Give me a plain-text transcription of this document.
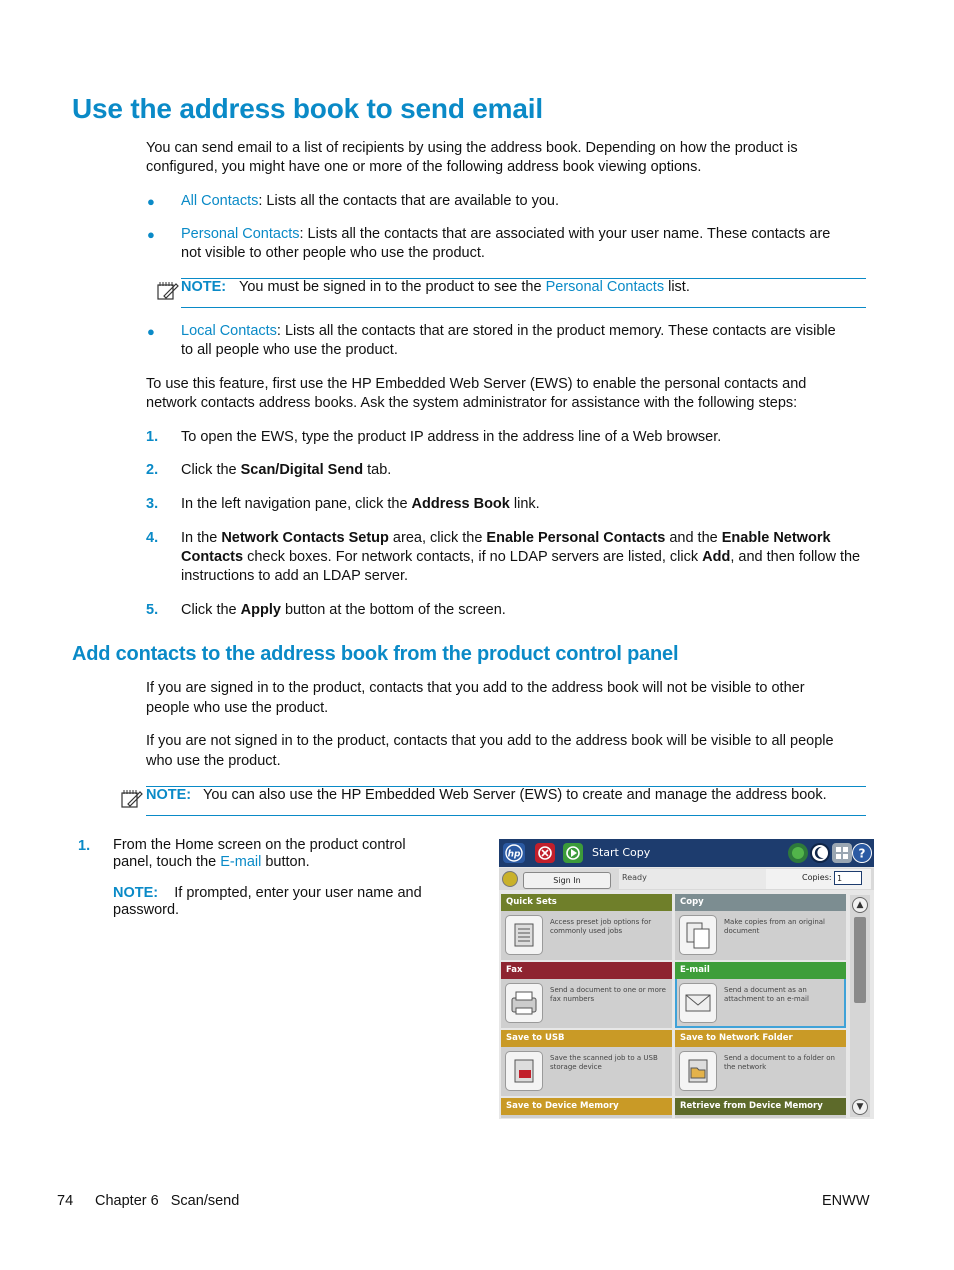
Use the address book to send email
You can send email to a list of recipients by using the address book. Depending on how the product is configured, you might have one or more of the following address book viewing options.
● All Contacts: Lists all the contacts that are available to you.
● Personal Contacts: Lists all the contacts that are associated with your user name. These contacts are
not visible to other people who use the product.
NOTE: You must be signed in to the product to see the Personal Contacts list.
● Local Contacts: Lists all the contacts that are stored in the product memory. These contacts are visible
to all people who use the product.
To use this feature, first use the HP Embedded Web Server (EWS) to enable the personal contacts and
network contacts address books. Ask the system administrator for assistance with the following steps:
1. To open the EWS, type the product IP address in the address line of a Web browser.
2. Click the Scan/Digital Send tab.
3. In the left navigation pane, click the Address Book link.
4. In the Network Contacts Setup area, click the Enable Personal Contacts and the Enable Network
Contacts check boxes. For network contacts, if no LDAP servers are listed, click Add, and then follow the
instructions to add an LDAP server.
5. Click the Apply button at the bottom of the screen.
Add contacts to the address book from the product control panel
If you are signed in to the product, contacts that you add to the address book will not be visible to other
people who use the product.
If you are not signed in to the product, contacts that you add to the address book will be visible to all people
who use the product.
NOTE: You can also use the HP Embedded Web Server (EWS) to create and manage the address book.
1. From the Home screen on the product control
panel, touch the E-mail button.
NOTE: If prompted, enter your user name and
password.
hp	Start Copy	?
Sign In	Ready	Copies: 1
Quick Sets
Access preset job options for commonly used jobs
Copy
Make copies from an original document
Fax
Send a document to one or more fax numbers
E-mail
Send a document as an attachment to an e-mail
Save to USB
Save the scanned job to a USB storage device
Save to Network Folder
Send a document to a folder on the network
Save to Device Memory	Retrieve from Device Memory
▲
▼
74 Chapter 6   Scan/send	ENWW
